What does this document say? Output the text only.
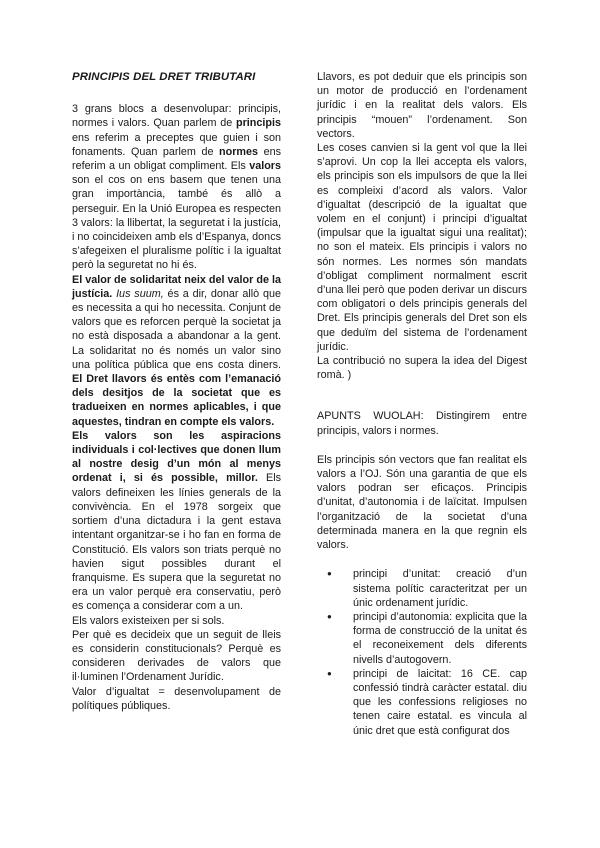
PRINCIPIS DEL DRET TRIBUTARI

3 grans blocs a desenvolupar: principis, normes i valors. Quan parlem de principis ens referim a preceptes que guien i son fonaments. Quan parlem de normes ens referim a un obligat compliment. Els valors son el cos on ens basem que tenen una gran importància, també és allò a perseguir. En la Unió Europea es respecten 3 valors: la llibertat, la seguretat i la justícia, i no coincideixen amb els d’Espanya, doncs s’afegeixen el pluralisme polític i la igualtat però la seguretat no hi és.

El valor de solidaritat neix del valor de la justícia. Ius suum, és a dir, donar allò que es necessita a qui ho necessita. Conjunt de valors que es reforcen perquè la societat ja no està disposada a abandonar a la gent. La solidaritat no és només un valor sino una política pública que ens costa diners. El Dret llavors és entès com l’emanació dels desitjos de la societat que es tradueixen en normes aplicables, i que aquestes, tindran en compte els valors.

Els valors son les aspiracions individuals i col·lectives que donen llum al nostre desig d’un món al menys ordenat i, si és possible, millor. Els valors defineixen les línies generals de la convivència. En el 1978 sorgeix que sortiem d’una dictadura i la gent estava intentant organitzar-se i ho fan en forma de Constitució. Els valors son triats perquè no havien sigut possibles durant el franquisme. Es supera que la seguretat no era un valor perquè era conservatiu, però es comença a considerar com a un.

Els valors existeixen per si sols.

Per què es decideix que un seguit de lleis es considerin constitucionals? Perquè es consideren derivades de valors que il·luminen l’Ordenament Jurídic.

Valor d’igualtat = desenvolupament de polítiques públiques.

Llavors, es pot deduir que els principis son un motor de producció en l’ordenament jurídic i en la realitat dels valors. Els principis “mouen” l’ordenament. Son vectors.

Les coses canvien si la gent vol que la llei s’aprovi. Un cop la llei accepta els valors, els principis son els impulsors de que la llei es compleixi d’acord als valors. Valor d’igualtat (descripció de la igualtat que volem en el conjunt) i principi d’igualtat (impulsar que la igualtat sigui una realitat); no son el mateix. Els principis i valors no són normes. Les normes són mandats d’obligat compliment normalment escrit d’una llei però que poden derivar un discurs com obligatori o dels principis generals del Dret. Els principis generals del Dret son els que deduïm del sistema de l’ordenament jurídic.

La contribució no supera la idea del Digest romà. )

APUNTS WUOLAH: Distingirem entre principis, valors i normes.

Els principis són vectors que fan realitat els valors a l’OJ. Són una garantia de que els valors podran ser eficaços. Principis d’unitat, d’autonomia i de laïcitat. Impulsen l’organització de la societat d’una determinada manera en la que regnin els valors.

● principi d’unitat: creació d’un sistema polític caracteritzat per un únic ordenament jurídic.
● principi d’autonomia: explicita que la forma de construcció de la unitat és el reconeixement dels diferents nivells d’autogovern.
● principi de laicitat: 16 CE. cap confessió tindrà caràcter estatal. diu que les confessions religioses no tenen caire estatal. es vincula al únic dret que està configurat dos
